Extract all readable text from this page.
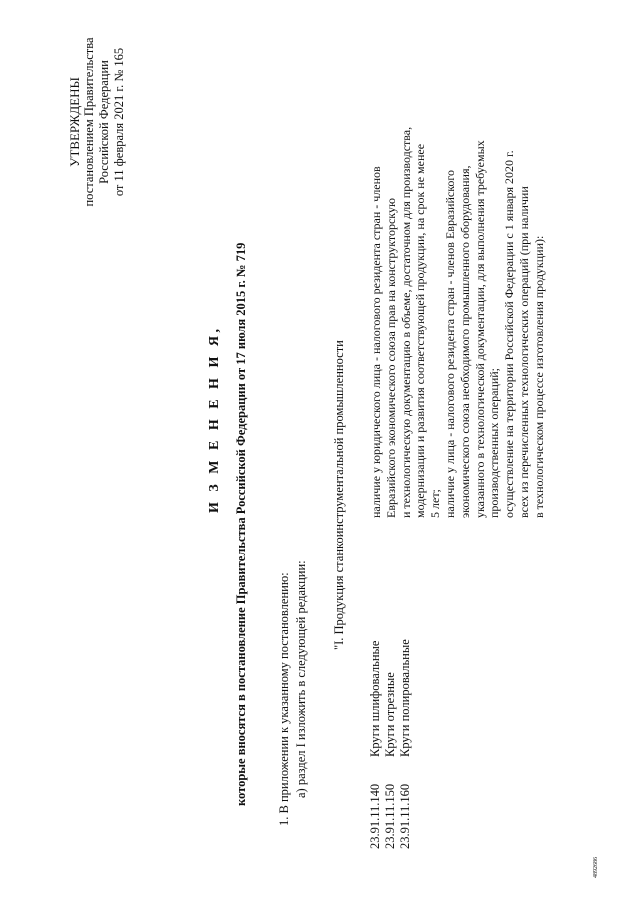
УТВЕРЖДЕНЫ постановлением Правительства Российской Федерации от 11 февраля 2021 г. № 165
И З М Е Н Е Н И Я, которые вносятся в постановление Правительства Российской Федерации от 17 июля 2015 г. № 719 1. В приложении к указанному постановлению: а) раздел I изложить в следующей редакции:
"I. Продукция станкоинструментальной промышленности
23.91.11.140 23.91.11.150 23.91.11.160
Круги шлифовальные Круги отрезные Круги полировальные
наличие у юридического лица - налогового резидента стран - членов Евразийского экономического союза прав на конструкторскую и технологическую документацию в объеме, достаточном для производства, модернизации и развития соответствующей продукции, на срок не менее 5 лет; наличие у лица - налогового резидента стран - членов Евразийского экономического союза необходимого промышленного оборудования, указанного в технологической документации, для выполнения требуемых производственных операций; осуществление на территории Российской Федерации с 1 января 2020 г. всех из перечисленных технологических операций (при наличии в технологическом процессе изготовления продукции):
4892686
